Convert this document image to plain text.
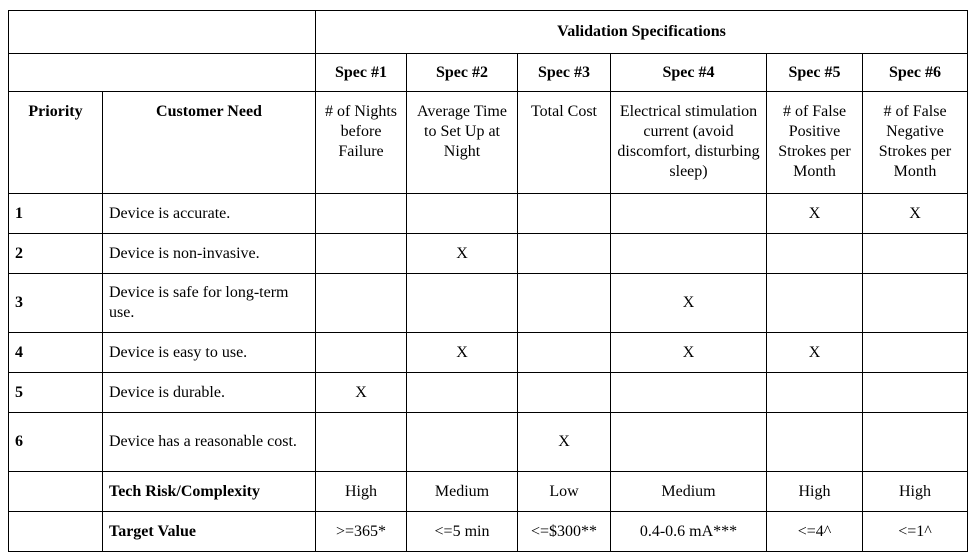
		Validation Specifications					
		Spec #1	Spec #2	Spec #3	Spec #4	Spec #5	Spec #6
Priority	Customer Need	# of Nights before Failure	Average Time to Set Up at Night	Total Cost	Electrical stimulation current (avoid discomfort, disturbing sleep)	# of False Positive Strokes per Month	# of False Negative Strokes per Month
1	Device is accurate.					X	X
2	Device is non-invasive.		X				
3	Device is safe for long-term use.				X		
4	Device is easy to use.		X		X	X	
5	Device is durable.	X					
6	Device has a reasonable cost.			X			
	Tech Risk/Complexity	High	Medium	Low	Medium	High	High
	Target Value	>=365*	<=5 min	<=$300**	0.4-0.6 mA***	<=4^	<=1^
